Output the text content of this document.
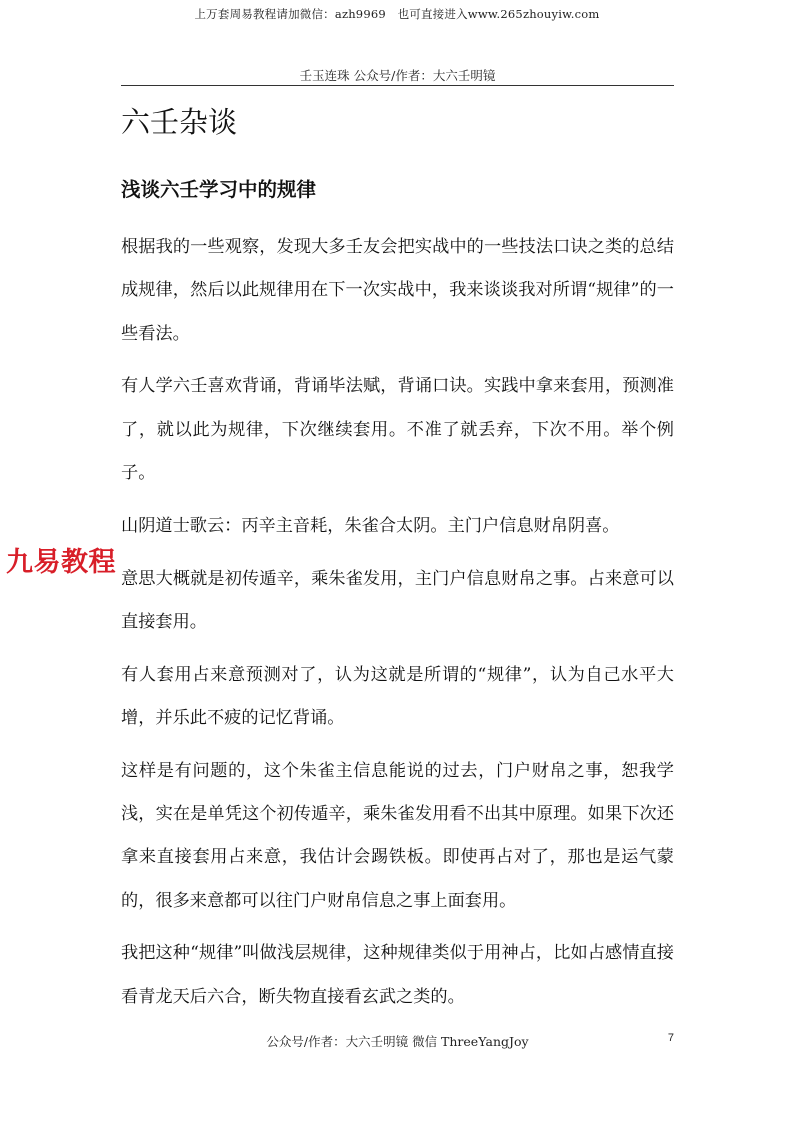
上万套周易教程请加微信：azh9969　也可直接进入www.265zhouyiw.com
壬玉连珠 公众号/作者：大六壬明镜
六壬杂谈
浅谈六壬学习中的规律

根据我的一些观察，发现大多壬友会把实战中的一些技法口诀之类的总结成规律，然后以此规律用在下一次实战中，我来谈谈我对所谓“规律”的一些看法。

有人学六壬喜欢背诵，背诵毕法赋，背诵口诀。实践中拿来套用，预测准了，就以此为规律，下次继续套用。不准了就丢弃，下次不用。举个例子。

山阴道士歌云：丙辛主音耗，朱雀合太阴。主门户信息财帛阴喜。

意思大概就是初传遁辛，乘朱雀发用，主门户信息财帛之事。占来意可以直接套用。

有人套用占来意预测对了，认为这就是所谓的“规律”，认为自己水平大增，并乐此不疲的记忆背诵。

这样是有问题的，这个朱雀主信息能说的过去，门户财帛之事，恕我学浅，实在是单凭这个初传遁辛，乘朱雀发用看不出其中原理。如果下次还拿来直接套用占来意，我估计会踢铁板。即使再占对了，那也是运气蒙的，很多来意都可以往门户财帛信息之事上面套用。

我把这种“规律”叫做浅层规律，这种规律类似于用神占，比如占感情直接看青龙天后六合，断失物直接看玄武之类的。

九易教程
公众号/作者：大六壬明镜 微信 ThreeYangJoy	7
